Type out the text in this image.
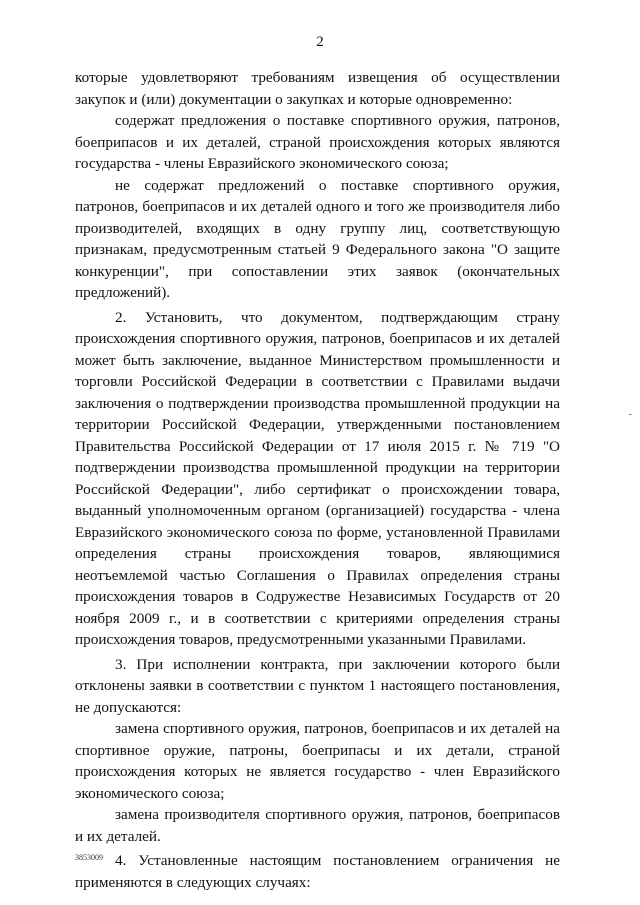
2

которые удовлетворяют требованиям извещения об осуществлении закупок и (или) документации о закупках и которые одновременно:

содержат предложения о поставке спортивного оружия, патронов, боеприпасов и их деталей, страной происхождения которых являются государства - члены Евразийского экономического союза;

не содержат предложений о поставке спортивного оружия, патронов, боеприпасов и их деталей одного и того же производителя либо производителей, входящих в одну группу лиц, соответствующую признакам, предусмотренным статьей 9 Федерального закона "О защите конкуренции", при сопоставлении этих заявок (окончательных предложений).

2. Установить, что документом, подтверждающим страну происхождения спортивного оружия, патронов, боеприпасов и их деталей может быть заключение, выданное Министерством промышленности и торговли Российской Федерации в соответствии с Правилами выдачи заключения о подтверждении производства промышленной продукции на территории Российской Федерации, утвержденными постановлением Правительства Российской Федерации от 17 июля 2015 г. № 719 "О подтверждении производства промышленной продукции на территории Российской Федерации", либо сертификат о происхождении товара, выданный уполномоченным органом (организацией) государства - члена Евразийского экономического союза по форме, установленной Правилами определения страны происхождения товаров, являющимися неотъемлемой частью Соглашения о Правилах определения страны происхождения товаров в Содружестве Независимых Государств от 20 ноября 2009 г., и в соответствии с критериями определения страны происхождения товаров, предусмотренными указанными Правилами.

3. При исполнении контракта, при заключении которого были отклонены заявки в соответствии с пунктом 1 настоящего постановления, не допускаются:

замена спортивного оружия, патронов, боеприпасов и их деталей на спортивное оружие, патроны, боеприпасы и их детали, страной происхождения которых не является государство - член Евразийского экономического союза;

замена производителя спортивного оружия, патронов, боеприпасов и их деталей.

4. Установленные настоящим постановлением ограничения не применяются в следующих случаях:

3853009
-
